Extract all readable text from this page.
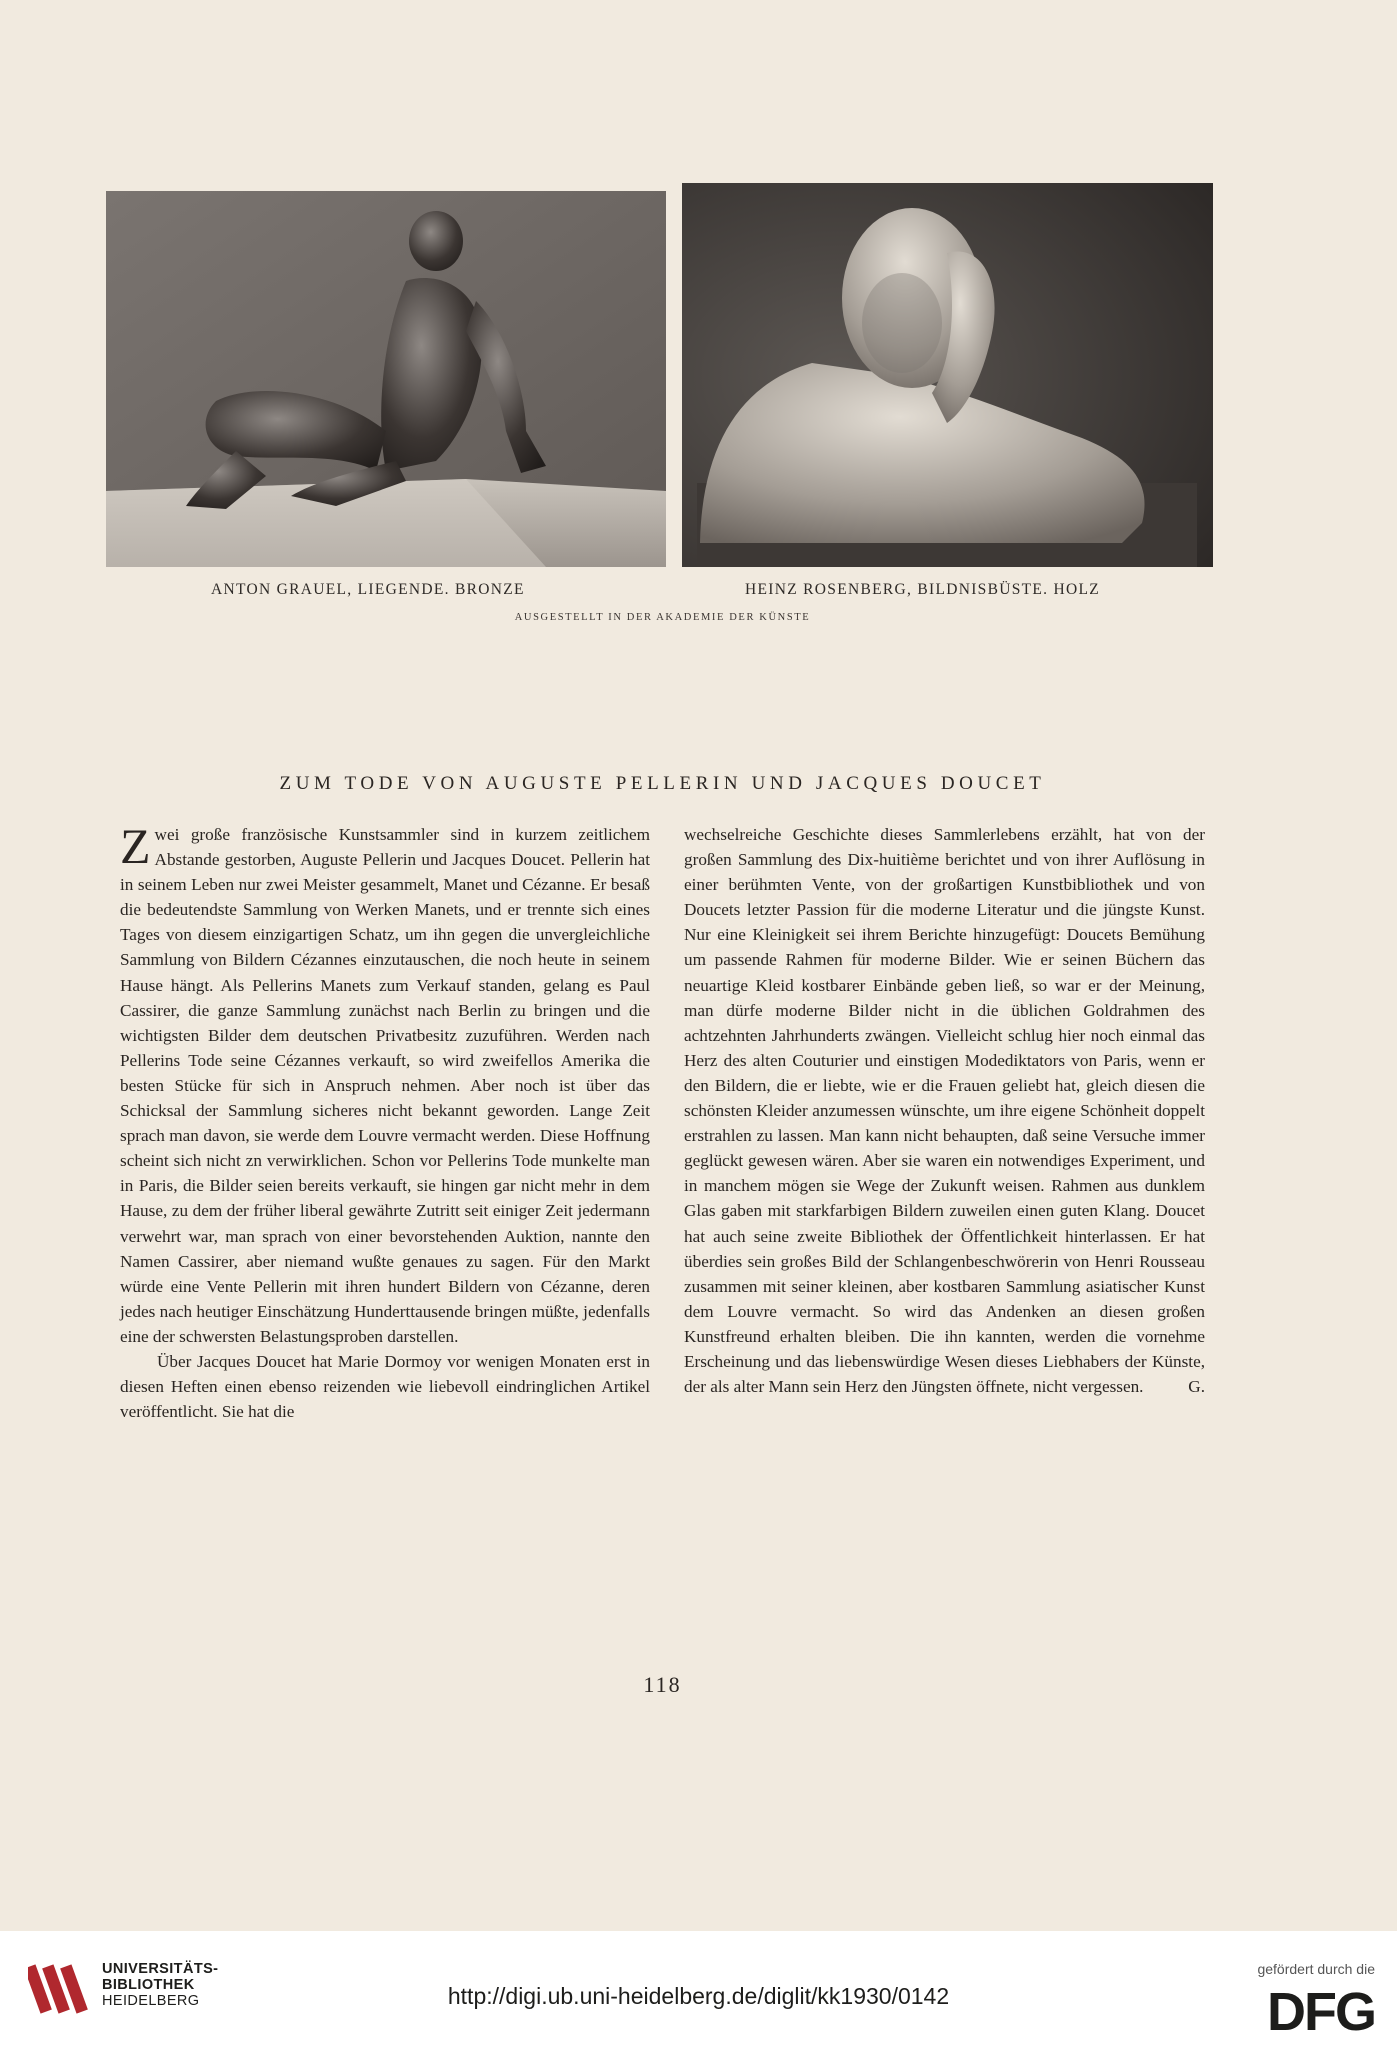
ANTON GRAUEL, LIEGENDE. BRONZE	HEINZ ROSENBERG, BILDNISBÜSTE. HOLZ
AUSGESTELLT IN DER AKADEMIE DER KÜNSTE
ZUM TODE VON AUGUSTE PELLERIN UND JACQUES DOUCET

Zwei große französische Kunstsammler sind in kurzem zeitlichem Abstande gestorben, Auguste Pellerin und Jacques Doucet. Pellerin hat in seinem Leben nur zwei Meister gesammelt, Manet und Cézanne. Er besaß die bedeutendste Sammlung von Werken Manets, und er trennte sich eines Tages von diesem einzigartigen Schatz, um ihn gegen die unvergleichliche Sammlung von Bildern Cézannes einzutauschen, die noch heute in seinem Hause hängt. Als Pellerins Manets zum Verkauf standen, gelang es Paul Cassirer, die ganze Sammlung zunächst nach Berlin zu bringen und die wichtigsten Bilder dem deutschen Privatbesitz zuzuführen. Werden nach Pellerins Tode seine Cézannes verkauft, so wird zweifellos Amerika die besten Stücke für sich in Anspruch nehmen. Aber noch ist über das Schicksal der Sammlung sicheres nicht bekannt geworden. Lange Zeit sprach man davon, sie werde dem Louvre vermacht werden. Diese Hoffnung scheint sich nicht zn verwirklichen. Schon vor Pellerins Tode munkelte man in Paris, die Bilder seien bereits verkauft, sie hingen gar nicht mehr in dem Hause, zu dem der früher liberal gewährte Zutritt seit einiger Zeit jedermann verwehrt war, man sprach von einer bevorstehenden Auktion, nannte den Namen Cassirer, aber niemand wußte genaues zu sagen. Für den Markt würde eine Vente Pellerin mit ihren hundert Bildern von Cézanne, deren jedes nach heutiger Einschätzung Hunderttausende bringen müßte, jedenfalls eine der schwersten Belastungsproben darstellen.

Über Jacques Doucet hat Marie Dormoy vor wenigen Monaten erst in diesen Heften einen ebenso reizenden wie liebevoll eindringlichen Artikel veröffentlicht. Sie hat die

wechselreiche Geschichte dieses Sammlerlebens erzählt, hat von der großen Sammlung des Dix-huitième berichtet und von ihrer Auflösung in einer berühmten Vente, von der großartigen Kunstbibliothek und von Doucets letzter Passion für die moderne Literatur und die jüngste Kunst. Nur eine Kleinigkeit sei ihrem Berichte hinzugefügt: Doucets Bemühung um passende Rahmen für moderne Bilder. Wie er seinen Büchern das neuartige Kleid kostbarer Einbände geben ließ, so war er der Meinung, man dürfe moderne Bilder nicht in die üblichen Goldrahmen des achtzehnten Jahrhunderts zwängen. Vielleicht schlug hier noch einmal das Herz des alten Couturier und einstigen Modediktators von Paris, wenn er den Bildern, die er liebte, wie er die Frauen geliebt hat, gleich diesen die schönsten Kleider anzumessen wünschte, um ihre eigene Schönheit doppelt erstrahlen zu lassen. Man kann nicht behaupten, daß seine Versuche immer geglückt gewesen wären. Aber sie waren ein notwendiges Experiment, und in manchem mögen sie Wege der Zukunft weisen. Rahmen aus dunklem Glas gaben mit starkfarbigen Bildern zuweilen einen guten Klang. Doucet hat auch seine zweite Bibliothek der Öffentlichkeit hinterlassen. Er hat überdies sein großes Bild der Schlangenbeschwörerin von Henri Rousseau zusammen mit seiner kleinen, aber kostbaren Sammlung asiatischer Kunst dem Louvre vermacht. So wird das Andenken an diesen großen Kunstfreund erhalten bleiben. Die ihn kannten, werden die vornehme Erscheinung und das liebenswürdige Wesen dieses Liebhabers der Künste, der als alter Mann sein Herz den Jüngsten öffnete, nicht vergessen.	G.
118
UNIVERSITÄTS-
BIBLIOTHEK
HEIDELBERG	http://digi.ub.uni-heidelberg.de/diglit/kk1930/0142
gefördert durch die
DFG
